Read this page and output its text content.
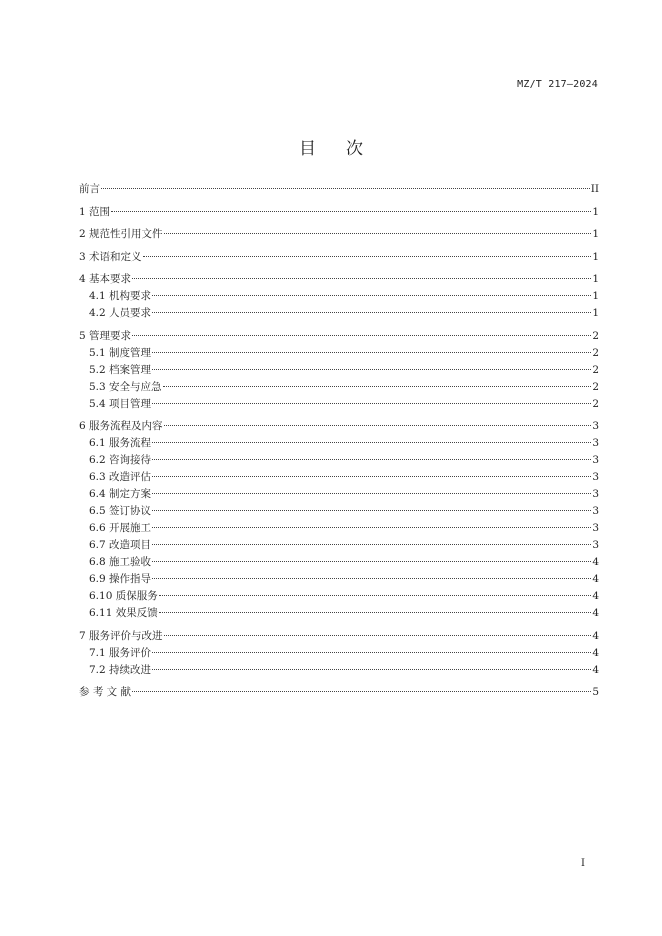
MZ/T 217—2024
目次
前言	II
1 范围	1
2 规范性引用文件	1
3 术语和定义	1
4 基本要求	1
4.1 机构要求	1
4.2 人员要求	1
5 管理要求	2
5.1 制度管理	2
5.2 档案管理	2
5.3 安全与应急	2
5.4 项目管理	2
6 服务流程及内容	3
6.1 服务流程	3
6.2 咨询接待	3
6.3 改造评估	3
6.4 制定方案	3
6.5 签订协议	3
6.6 开展施工	3
6.7 改造项目	3
6.8 施工验收	4
6.9 操作指导	4
6.10 质保服务	4
6.11 效果反馈	4
7 服务评价与改进	4
7.1 服务评价	4
7.2 持续改进	4
参 考 文 献	5
I
